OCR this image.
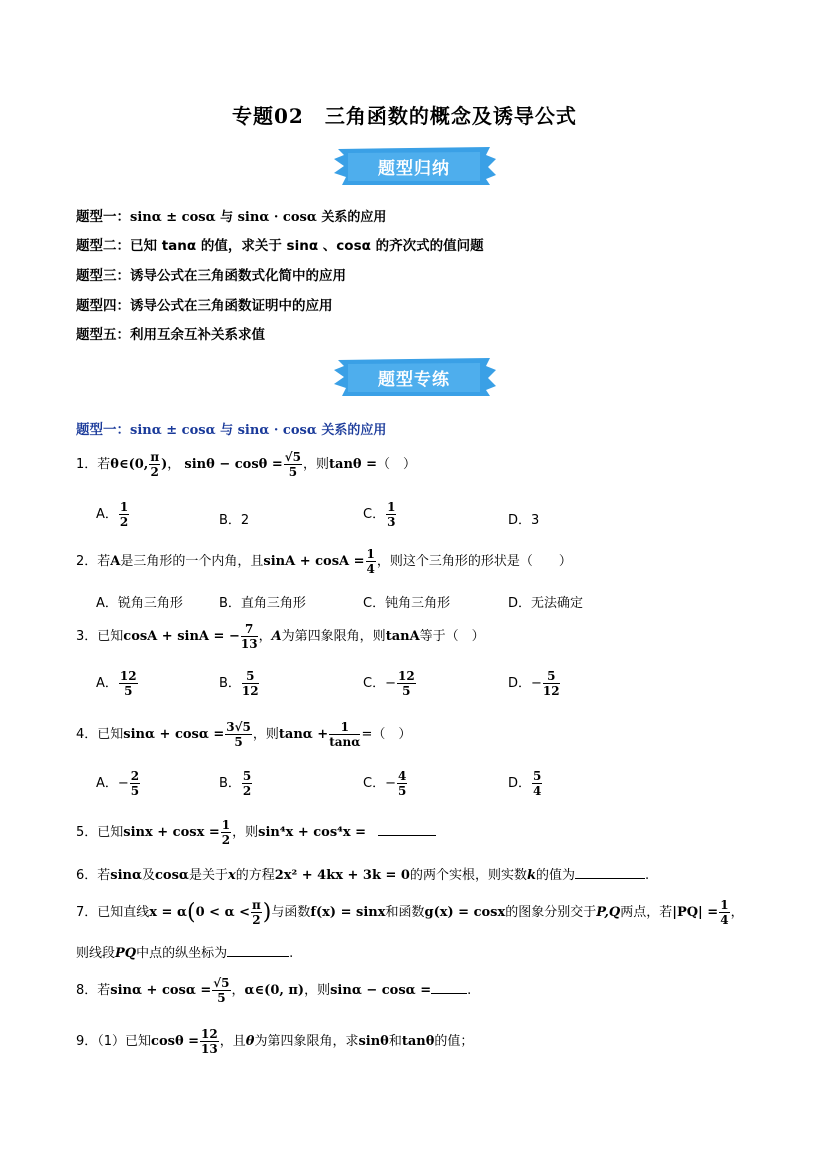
专题02　三角函数的概念及诱导公式
题型归纳
题型一：sinα ± cosα 与 sinα · cosα 关系的应用
题型二：已知 tanα 的值，求关于 sinα 、cosα 的齐次式的值问题
题型三：诱导公式在三角函数式化简中的应用
题型四：诱导公式在三角函数证明中的应用
题型五：利用互余互补关系求值
题型专练
题型一：sinα ± cosα 与 sinα · cosα 关系的应用
1．若θ∈(0, $\frac{\pi}{2}$ )， $\sin\theta - \cos\theta = \frac{√5}{5}$ ，则tanθ =（　）
A． $\frac{1}{2}$	B．2	C． $\frac{1}{3}$	D．3
2．若A是三角形的一个内角，且$\sin A + \cos A = \frac{1}{4}$ ，则这个三角形的形状是（　　）
A．锐角三角形	B．直角三角形	C．钝角三角形	D．无法确定
3．已知cosA + sinA = − $\frac{7}{13}$ ，A为第四象限角，则tanA等于（　）
A． $\frac{12}{5}$	B． $\frac{5}{12}$	C．− $\frac{12}{5}$	D．− $\frac{5}{12}$
4．已知$\sin\alpha + \cos\alpha = \frac{3√5}{5}$ ，则$\tan\alpha + \frac{1}{\tan\alpha}$ =（　）
A．− $\frac{2}{5}$	B． $\frac{5}{2}$	C．− $\frac{4}{5}$	D． $\frac{5}{4}$
5．已知$\sin x + \cos x = \frac{1}{2}$ ，则sin⁴x + cos⁴x =
6．若sinα及cosα是关于x的方程2x² + 4kx + 3k = 0的两个实根，则实数k的值为	.
7．已知直线$x = \alpha(0 < \alpha < \frac{\pi}{2}$ )与函数f(x) = sinx和函数g(x) = cosx的图象分别交于P,Q两点，若$|PQ| = \frac{1}{4}$ ，
则线段PQ中点的纵坐标为	.
8．若$\sin\alpha + \cos\alpha = \frac{√5}{5}$ ，α∈(0, π)，则sinα − cosα =	.
9．（1）已知$\cos\theta = \frac{12}{13}$ ，且θ为第四象限角，求sinθ和tanθ的值；
